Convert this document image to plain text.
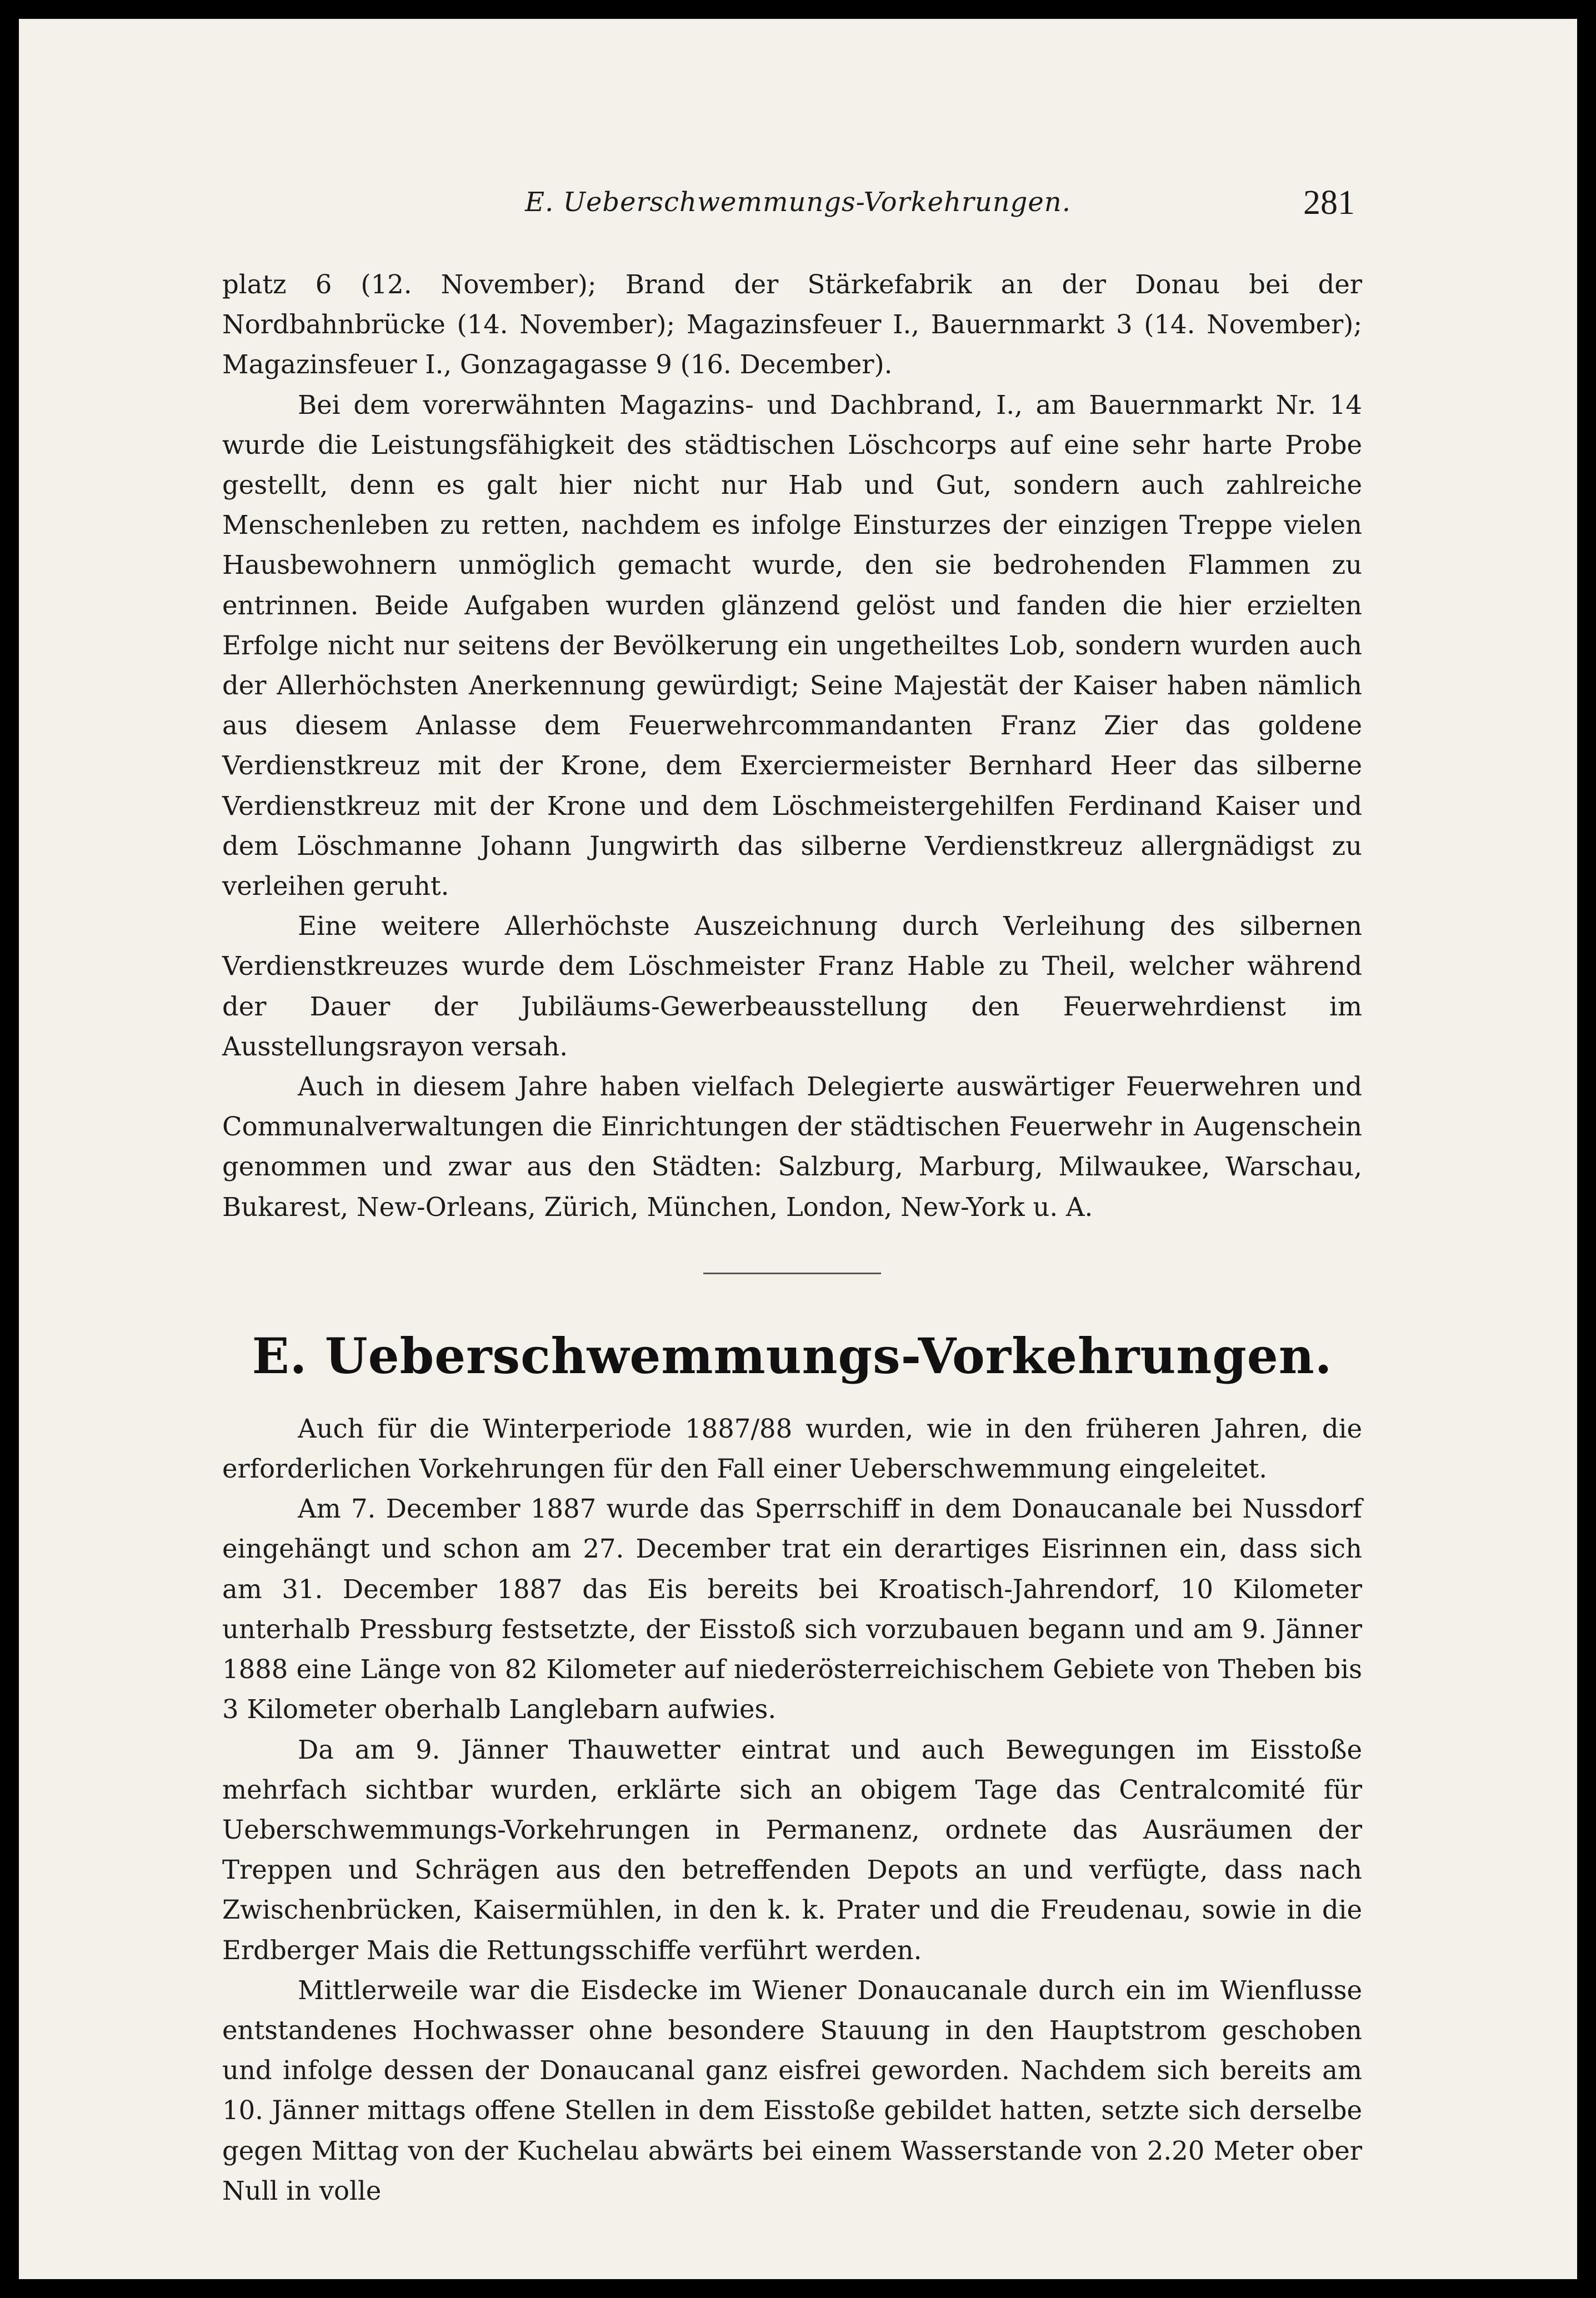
E. Ueberschwemmungs-Vorkehrungen.	281

platz 6 (12. November); Brand der Stärkefabrik an der Donau bei der Nordbahnbrücke (14. November); Magazinsfeuer I., Bauernmarkt 3 (14. November); Magazinsfeuer I., Gonzagagasse 9 (16. December).

Bei dem vorerwähnten Magazins- und Dachbrand, I., am Bauernmarkt Nr. 14 wurde die Leistungsfähigkeit des städtischen Löschcorps auf eine sehr harte Probe gestellt, denn es galt hier nicht nur Hab und Gut, sondern auch zahlreiche Menschenleben zu retten, nachdem es infolge Einsturzes der einzigen Treppe vielen Hausbewohnern unmöglich gemacht wurde, den sie bedrohenden Flammen zu entrinnen. Beide Aufgaben wurden glänzend gelöst und fanden die hier erzielten Erfolge nicht nur seitens der Bevölkerung ein ungetheiltes Lob, sondern wurden auch der Allerhöchsten Anerkennung gewürdigt; Seine Majestät der Kaiser haben nämlich aus diesem Anlasse dem Feuerwehrcommandanten Franz Zier das goldene Verdienstkreuz mit der Krone, dem Exerciermeister Bernhard Heer das silberne Verdienstkreuz mit der Krone und dem Löschmeistergehilfen Ferdinand Kaiser und dem Löschmanne Johann Jungwirth das silberne Verdienstkreuz allergnädigst zu verleihen geruht.

Eine weitere Allerhöchste Auszeichnung durch Verleihung des silbernen Verdienstkreuzes wurde dem Löschmeister Franz Hable zu Theil, welcher während der Dauer der Jubiläums-Gewerbeausstellung den Feuerwehrdienst im Ausstellungsrayon versah.

Auch in diesem Jahre haben vielfach Delegierte auswärtiger Feuerwehren und Communalverwaltungen die Einrichtungen der städtischen Feuerwehr in Augenschein genommen und zwar aus den Städten: Salzburg, Marburg, Milwaukee, Warschau, Bukarest, New-Orleans, Zürich, München, London, New-York u. A.

E. Ueberschwemmungs-Vorkehrungen.

Auch für die Winterperiode 1887/88 wurden, wie in den früheren Jahren, die erforderlichen Vorkehrungen für den Fall einer Ueberschwemmung eingeleitet.

Am 7. December 1887 wurde das Sperrschiff in dem Donaucanale bei Nussdorf eingehängt und schon am 27. December trat ein derartiges Eisrinnen ein, dass sich am 31. December 1887 das Eis bereits bei Kroatisch-Jahrendorf, 10 Kilometer unterhalb Pressburg festsetzte, der Eisstoß sich vorzubauen begann und am 9. Jänner 1888 eine Länge von 82 Kilometer auf niederösterreichischem Gebiete von Theben bis 3 Kilometer oberhalb Langlebarn aufwies.

Da am 9. Jänner Thauwetter eintrat und auch Bewegungen im Eisstoße mehrfach sichtbar wurden, erklärte sich an obigem Tage das Centralcomité für Ueberschwemmungs-Vorkehrungen in Permanenz, ordnete das Ausräumen der Treppen und Schrägen aus den betreffenden Depots an und verfügte, dass nach Zwischenbrücken, Kaisermühlen, in den k. k. Prater und die Freudenau, sowie in die Erdberger Mais die Rettungsschiffe verführt werden.

Mittlerweile war die Eisdecke im Wiener Donaucanale durch ein im Wienflusse entstandenes Hochwasser ohne besondere Stauung in den Hauptstrom geschoben und infolge dessen der Donaucanal ganz eisfrei geworden. Nachdem sich bereits am 10. Jänner mittags offene Stellen in dem Eisstoße gebildet hatten, setzte sich derselbe gegen Mittag von der Kuchelau abwärts bei einem Wasserstande von 2.20 Meter ober Null in volle
